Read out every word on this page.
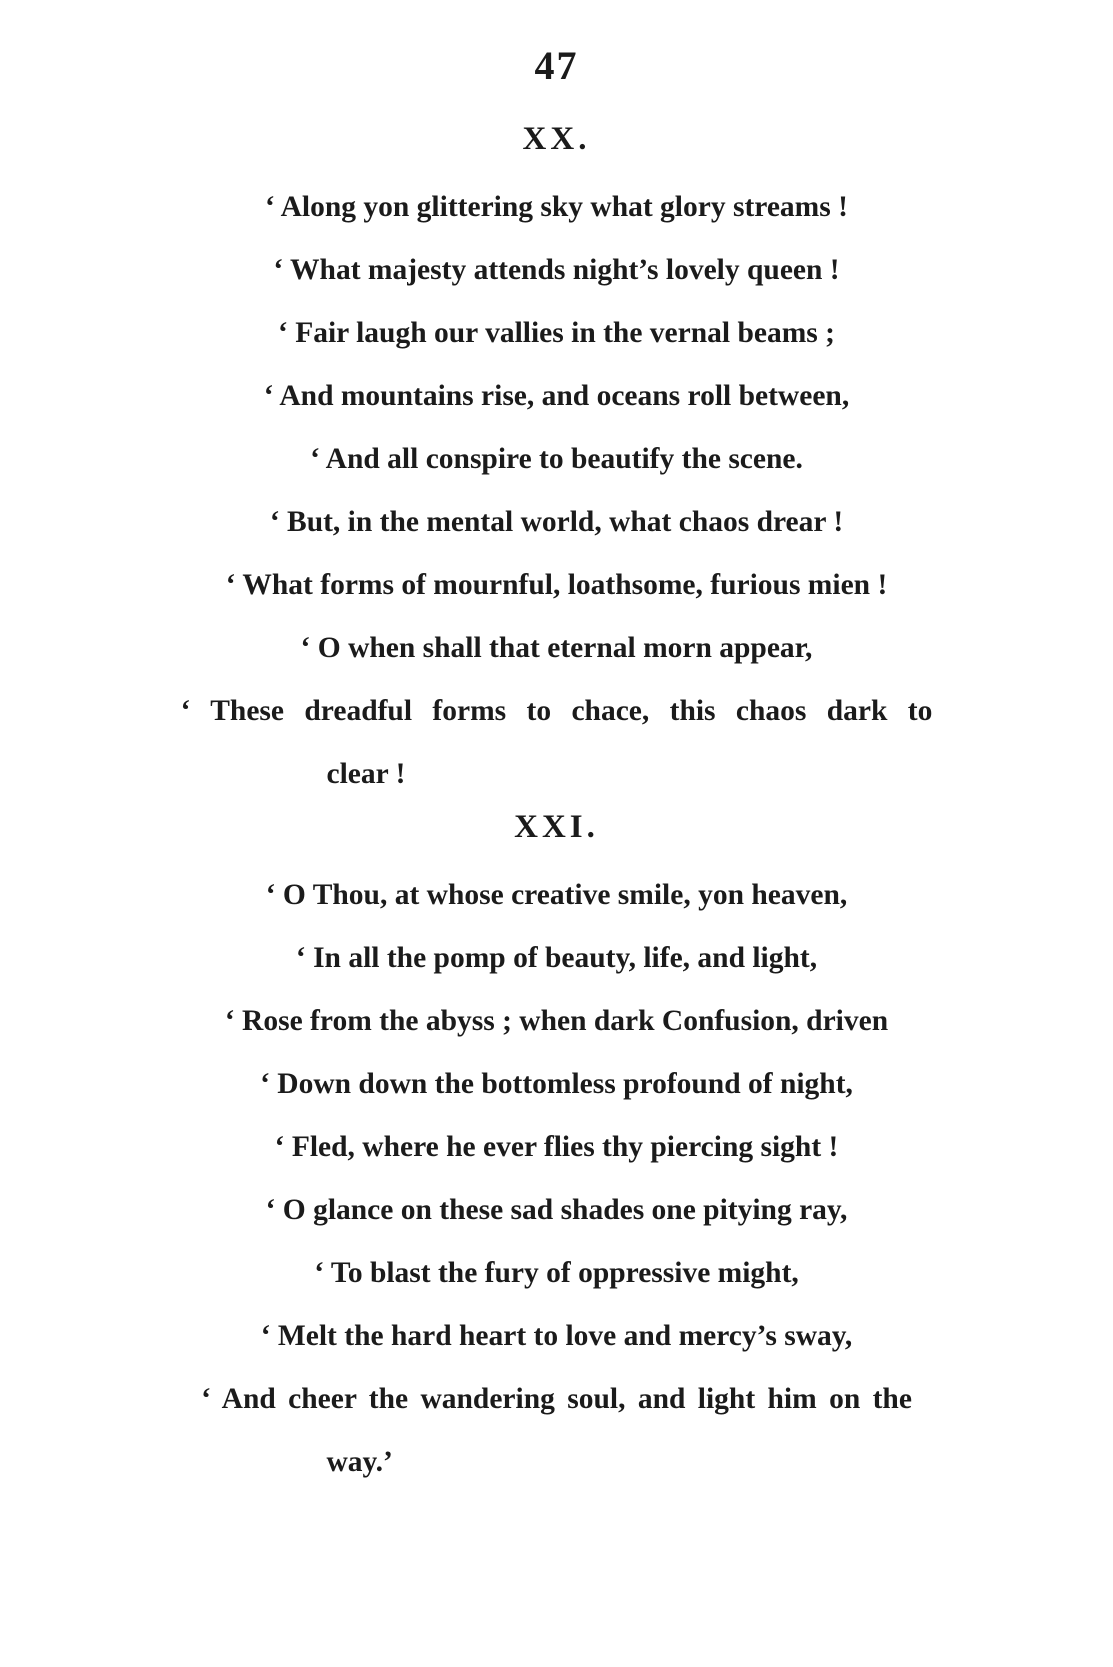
47
XX.
‘ Along yon glittering sky what glory streams !
‘ What majesty attends night’s lovely queen !
‘ Fair laugh our vallies in the vernal beams ;
‘ And mountains rise, and oceans roll between,
‘ And all conspire to beautify the scene.
‘ But, in the mental world, what chaos drear !
‘ What forms of mournful, loathsome, furious mien !
‘ O when shall that eternal morn appear,
‘ These dreadful forms to chace, this chaos dark to
clear !
XXI.
‘ O Thou, at whose creative smile, yon heaven,
‘ In all the pomp of beauty, life, and light,
‘ Rose from the abyss ; when dark Confusion, driven
‘ Down down the bottomless profound of night,
‘ Fled, where he ever flies thy piercing sight !
‘ O glance on these sad shades one pitying ray,
‘ To blast the fury of oppressive might,
‘ Melt the hard heart to love and mercy’s sway,
‘ And cheer the wandering soul, and light him on the
way.’
